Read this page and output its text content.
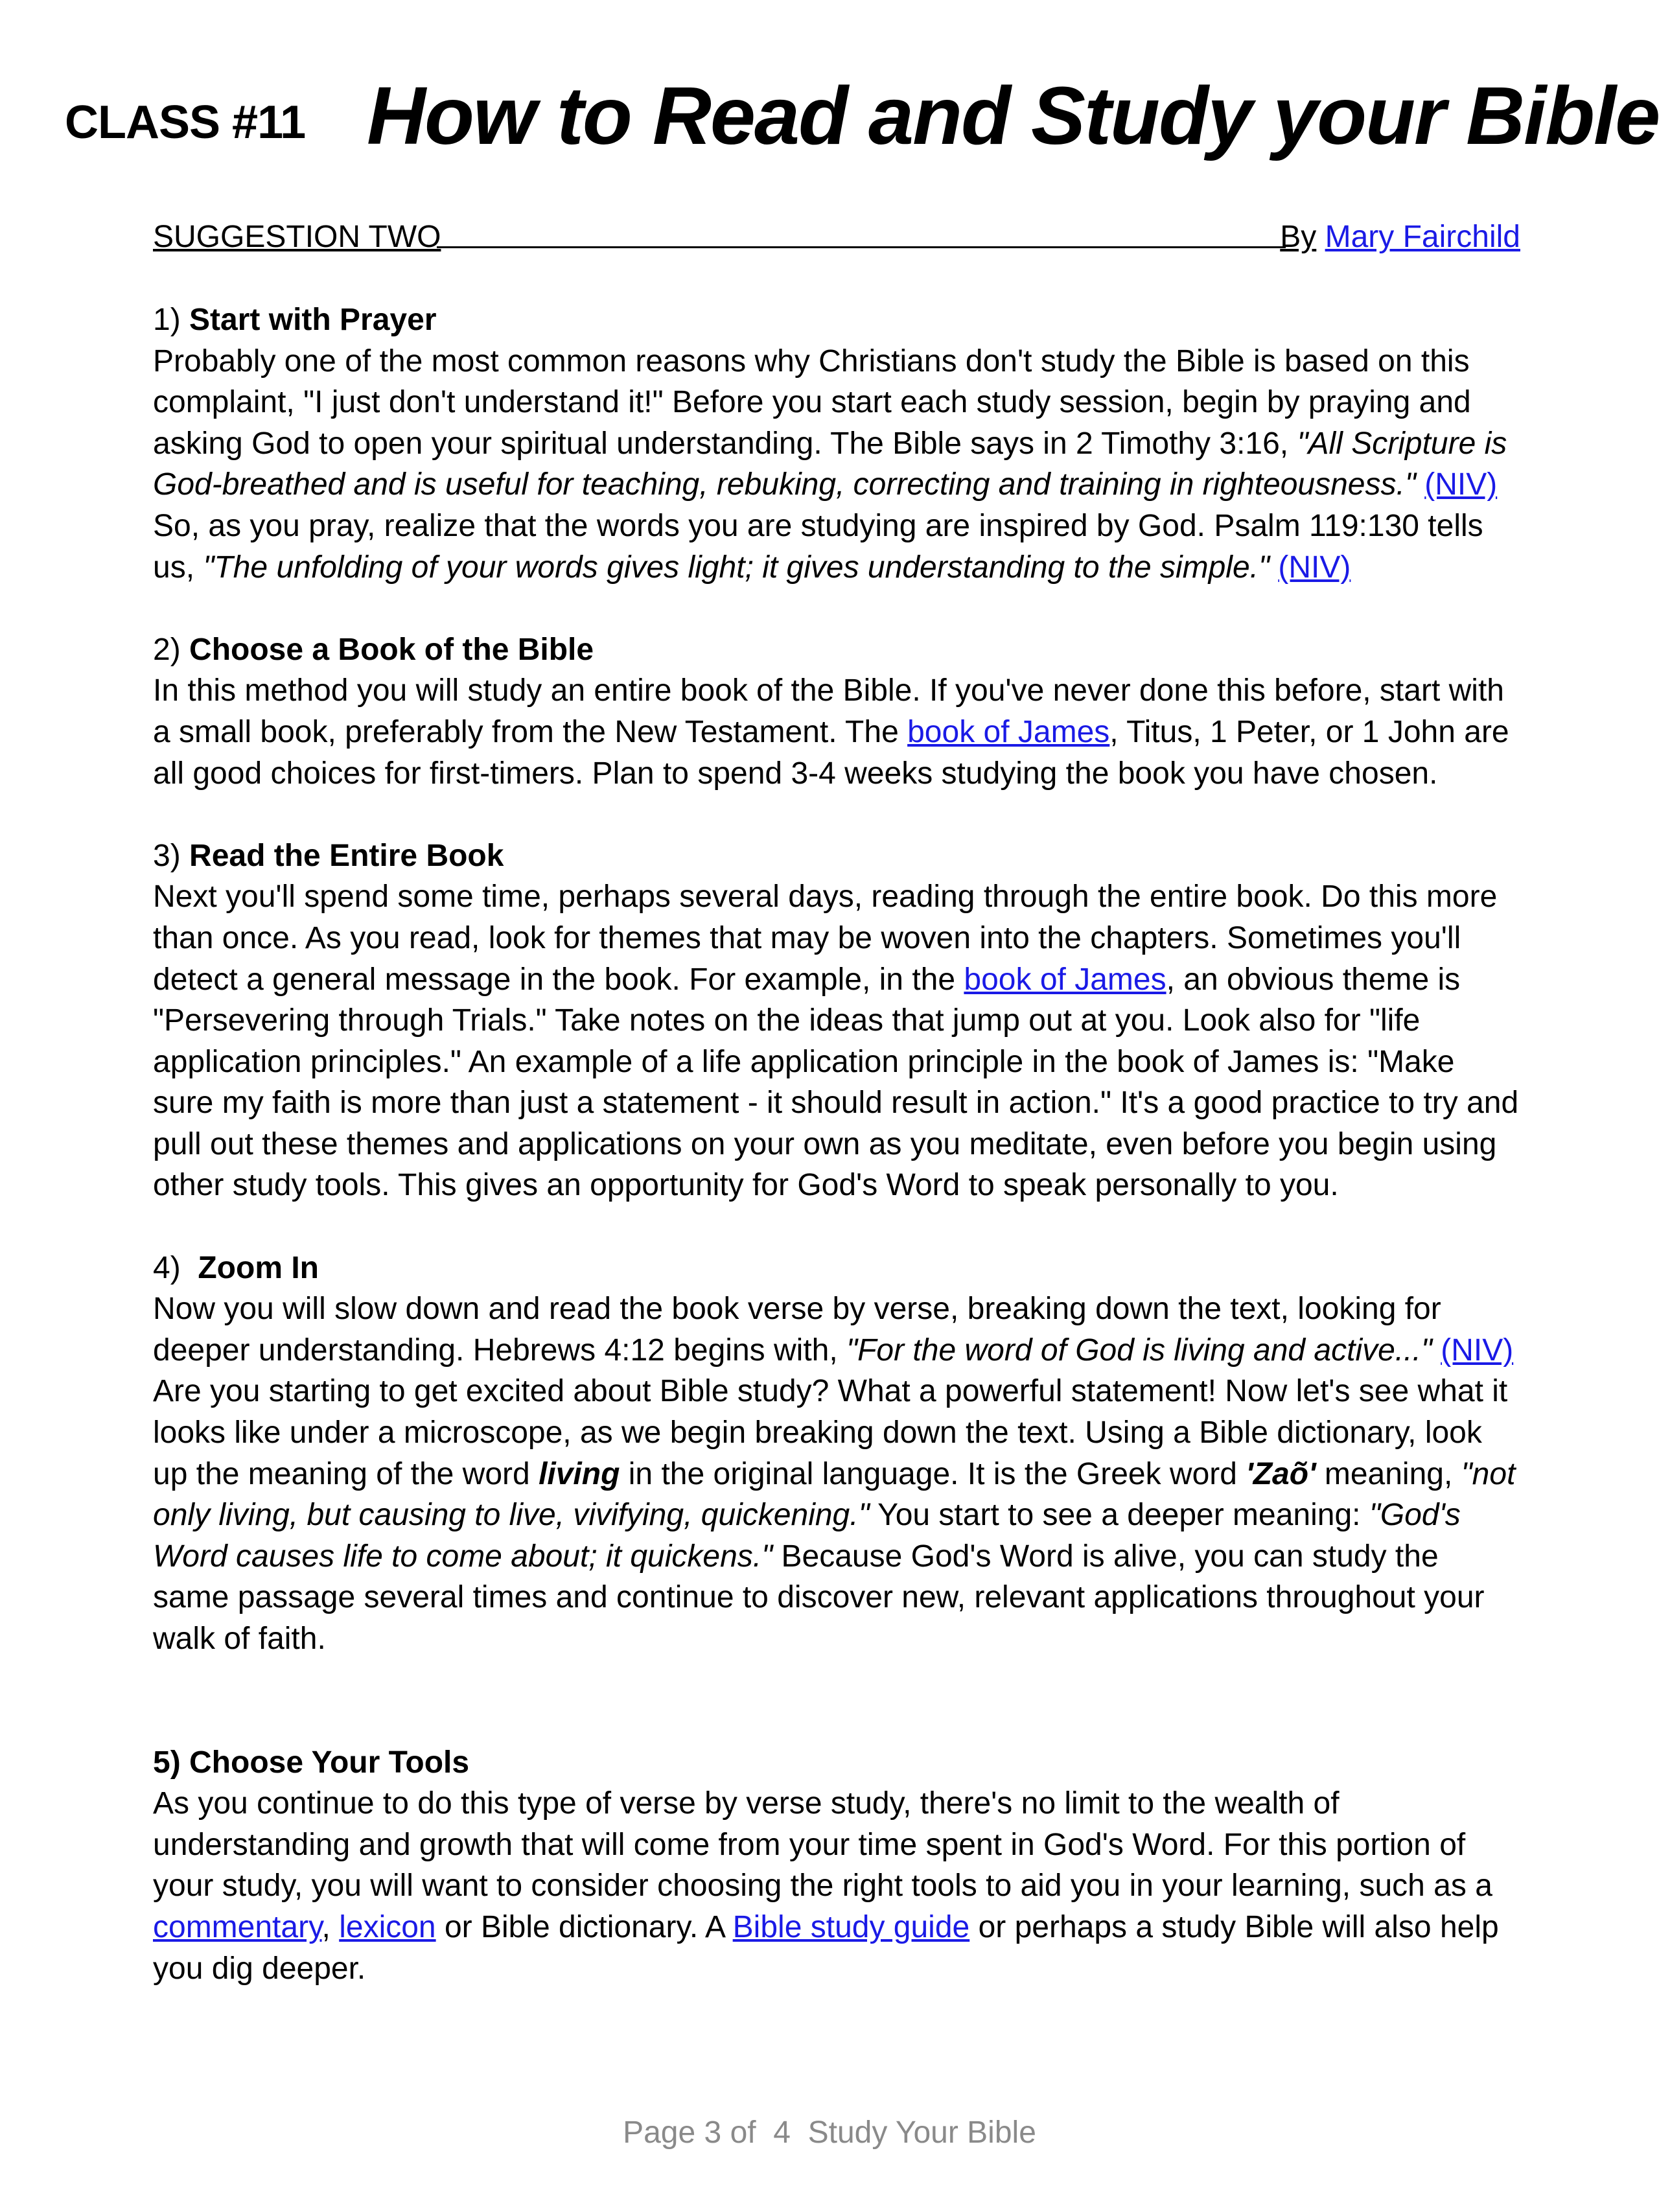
CLASS #11 How to Read and Study your Bible
SUGGESTION TWO	By Mary Fairchild
1) Start with Prayer

Probably one of the most common reasons why Christians don't study the Bible is based on this complaint, "I just don't understand it!" Before you start each study session, begin by praying and asking God to open your spiritual understanding. The Bible says in 2 Timothy 3:16, "All Scripture is God-breathed and is useful for teaching, rebuking, correcting and training in righteousness." (NIV) So, as you pray, realize that the words you are studying are inspired by God. Psalm 119:130 tells us, "The unfolding of your words gives light; it gives understanding to the simple." (NIV)

2) Choose a Book of the Bible

In this method you will study an entire book of the Bible. If you've never done this before, start with a small book, preferably from the New Testament. The book of James, Titus, 1 Peter, or 1 John are all good choices for first-timers. Plan to spend 3-4 weeks studying the book you have chosen.

3) Read the Entire Book

Next you'll spend some time, perhaps several days, reading through the entire book. Do this more than once. As you read, look for themes that may be woven into the chapters. Sometimes you'll detect a general message in the book. For example, in the book of James, an obvious theme is "Persevering through Trials." Take notes on the ideas that jump out at you. Look also for "life application principles." An example of a life application principle in the book of James is: "Make sure my faith is more than just a statement - it should result in action." It's a good practice to try and pull out these themes and applications on your own as you meditate, even before you begin using other study tools. This gives an opportunity for God's Word to speak personally to you.

4) Zoom In

Now you will slow down and read the book verse by verse, breaking down the text, looking for deeper understanding. Hebrews 4:12 begins with, "For the word of God is living and active..." (NIV) Are you starting to get excited about Bible study? What a powerful statement! Now let's see what it looks like under a microscope, as we begin breaking down the text. Using a Bible dictionary, look up the meaning of the word living in the original language. It is the Greek word 'Zaõ' meaning, "not only living, but causing to live, vivifying, quickening." You start to see a deeper meaning: "God's Word causes life to come about; it quickens." Because God's Word is alive, you can study the same passage several times and continue to discover new, relevant applications throughout your walk of faith.

5) Choose Your Tools

As you continue to do this type of verse by verse study, there's no limit to the wealth of understanding and growth that will come from your time spent in God's Word. For this portion of your study, you will want to consider choosing the right tools to aid you in your learning, such as a commentary, lexicon or Bible dictionary. A Bible study guide or perhaps a study Bible will also help you dig deeper.

Page 3 of  4  Study Your Bible
